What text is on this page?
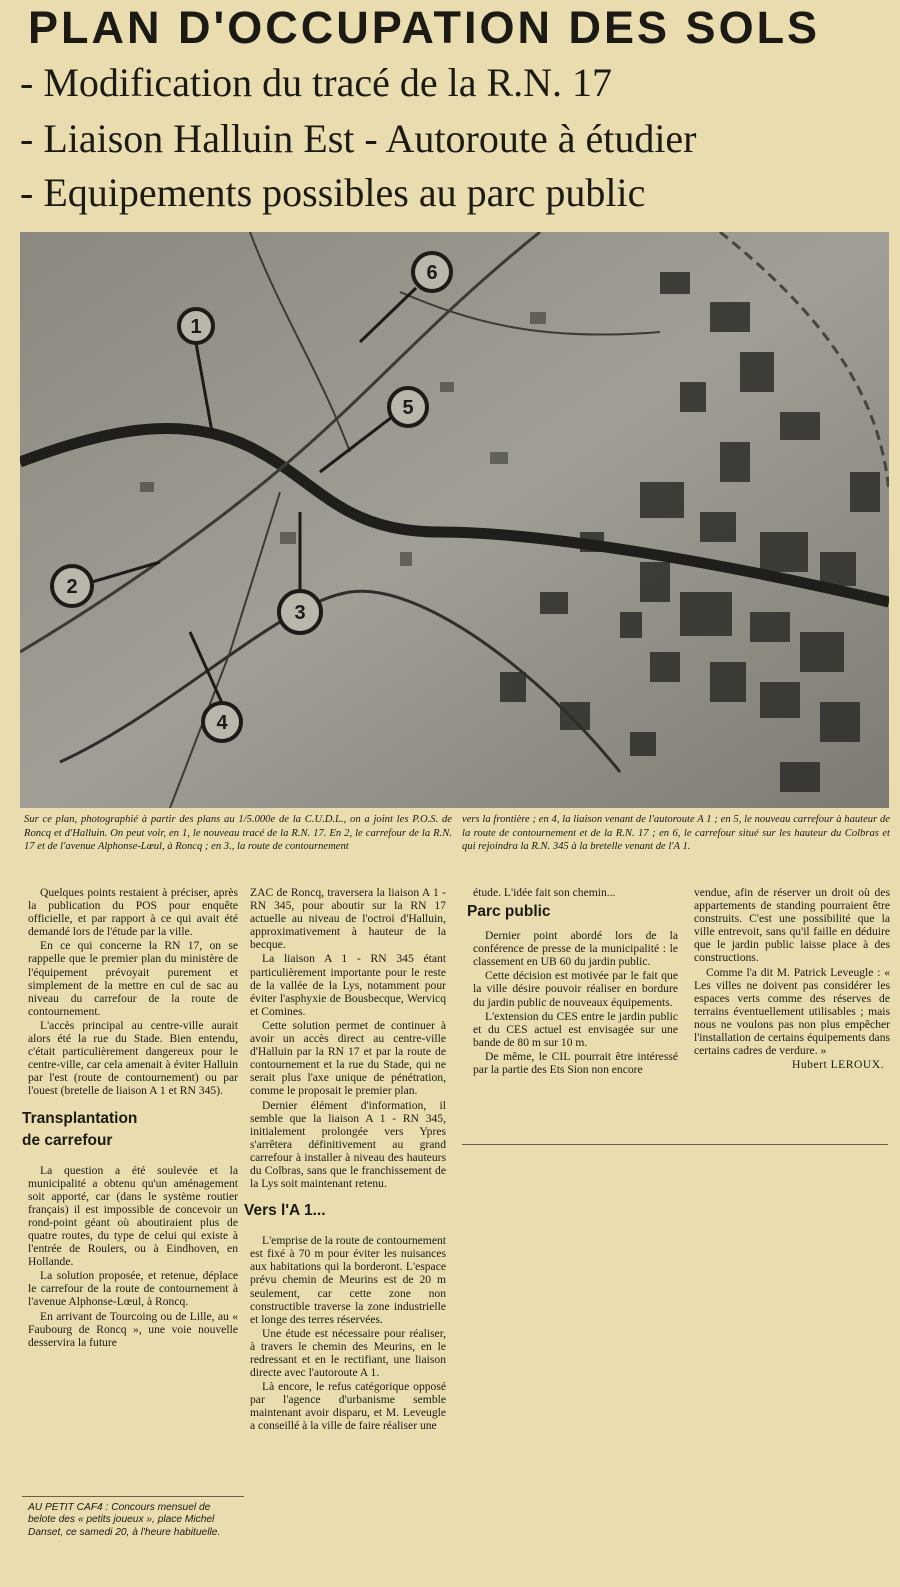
PLAN D'OCCUPATION DES SOLS
- Modification du tracé de la R.N. 17
- Liaison Halluin Est - Autoroute à étudier
- Equipements possibles au parc public
1
2
3
4
5
6
Sur ce plan, photographié à partir des plans au 1/5.000e de la C.U.D.L., on a joint les P.O.S. de Roncq et d'Halluin. On peut voir, en 1, le nouveau tracé de la R.N. 17. En 2, le carrefour de la R.N. 17 et de l'avenue Alphonse-Lœul, à Roncq ; en 3., la route de contournement
vers la frontière ; en 4, la liaison venant de l'autoroute A 1 ; en 5, le nouveau carrefour à hauteur de la route de contournement et de la R.N. 17 ; en 6, le carrefour situé sur les hauteur du Colbras et qui rejoindra la R.N. 345 à la bretelle venant de l'A 1.

Quelques points restaient à préciser, après la publication du POS pour enquête officielle, et par rapport à ce qui avait été demandé lors de l'étude par la ville.

En ce qui concerne la RN 17, on se rappelle que le premier plan du ministère de l'équipement prévoyait purement et simplement de la mettre en cul de sac au niveau du carrefour de la route de contournement.

L'accès principal au centre-ville aurait alors été la rue du Stade. Bien entendu, c'était particulièrement dangereux pour le centre-ville, car cela amenait à éviter Halluin par l'est (route de contournement) ou par l'ouest (bretelle de liaison A 1 et RN 345).

Transplantation
de carrefour

La question a été soulevée et la municipalité a obtenu qu'un aménagement soit apporté, car (dans le système routier français) il est impossible de concevoir un rond-point géant où aboutiraient plus de quatre routes, du type de celui qui existe à l'entrée de Roulers, ou à Eindhoven, en Hollande.

La solution proposée, et retenue, déplace le carrefour de la route de contournement à l'avenue Alphonse-Lœul, à Roncq.

En arrivant de Tourcoing ou de Lille, au « Faubourg de Roncq », une voie nouvelle desservira la future

ZAC de Roncq, traversera la liaison A 1 - RN 345, pour aboutir sur la RN 17 actuelle au niveau de l'octroi d'Halluin, approximativement à hauteur de la becque.

La liaison A 1 - RN 345 étant particulièrement importante pour le reste de la vallée de la Lys, notamment pour éviter l'asphyxie de Bousbecque, Wervicq et Comines.

Cette solution permet de continuer à avoir un accès direct au centre-ville d'Halluin par la RN 17 et par la route de contournement et la rue du Stade, qui ne serait plus l'axe unique de pénétration, comme le proposait le premier plan.

Dernier élément d'information, il semble que la liaison A 1 - RN 345, initialement prolongée vers Ypres s'arrêtera définitivement au grand carrefour à installer à niveau des hauteurs du Colbras, sans que le franchissement de la Lys soit maintenant retenu.

Vers l'A 1...

L'emprise de la route de contournement est fixé à 70 m pour éviter les nuisances aux habitations qui la borderont. L'espace prévu chemin de Meurins est de 20 m seulement, car cette zone non constructible traverse la zone industrielle et longe des terres réservées.

Une étude est nécessaire pour réaliser, à travers le chemin des Meurins, en le redressant et en le rectifiant, une liaison directe avec l'autoroute A 1.

Là encore, le refus catégorique opposé par l'agence d'urbanisme semble maintenant avoir disparu, et M. Leveugle a conseillé à la ville de faire réaliser une

étude. L'idée fait son chemin...

Parc public

Dernier point abordé lors de la conférence de presse de la municipalité : le classement en UB 60 du jardin public.

Cette décision est motivée par le fait que la ville désire pouvoir réaliser en bordure du jardin public de nouveaux équipements.

L'extension du CES entre le jardin public et du CES actuel est envisagée sur une bande de 80 m sur 10 m.

De même, le CIL pourrait être intéressé par la partie des Ets Sion non encore

vendue, afin de réserver un droit où des appartements de standing pourraient être construits. C'est une possibilité que la ville entrevoit, sans qu'il faille en déduire que le jardin public laisse place à des constructions.

Comme l'a dit M. Patrick Leveugle : « Les villes ne doivent pas considérer les espaces verts comme des réserves de terrains éventuellement utilisables ; mais nous ne voulons pas non plus empêcher l'installation de certains équipements dans certains cadres de verdure. »

Hubert LEROUX.
AU PETIT CAF4 : Concours mensuel de belote des « petits joueux », place Michel Danset, ce samedi 20, à l'heure habituelle.
